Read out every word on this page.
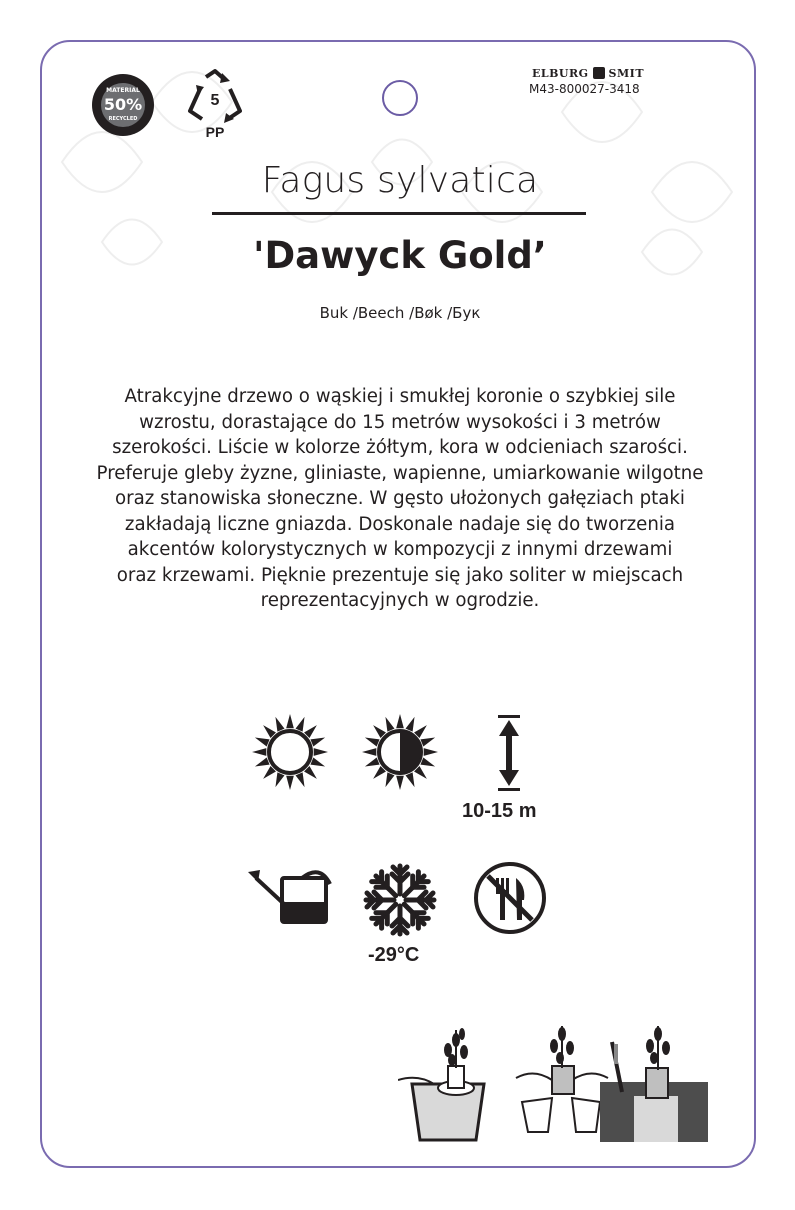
MATERIAL
50%
RECYCLED
5
PP
ELBURG SMIT
M43-800027-3418
Fagus sylvatica
'Dawyck Gold’
Buk /Beech /Bøk /Бук
Atrakcyjne drzewo o wąskiej i smukłej koronie o szybkiej sile
wzrostu, dorastające do 15 metrów wysokości i 3 metrów
szerokości. Liście w kolorze żółtym, kora w odcieniach szarości.
Preferuje gleby żyzne, gliniaste, wapienne, umiarkowanie wilgotne
oraz stanowiska słoneczne. W gęsto ułożonych gałęziach ptaki
zakładają liczne gniazda. Doskonale nadaje się do tworzenia
akcentów kolorystycznych w kompozycji z innymi drzewami
oraz krzewami. Pięknie prezentuje się jako soliter w miejscach
reprezentacyjnych w ogrodzie.
10-15 m
-29°C
